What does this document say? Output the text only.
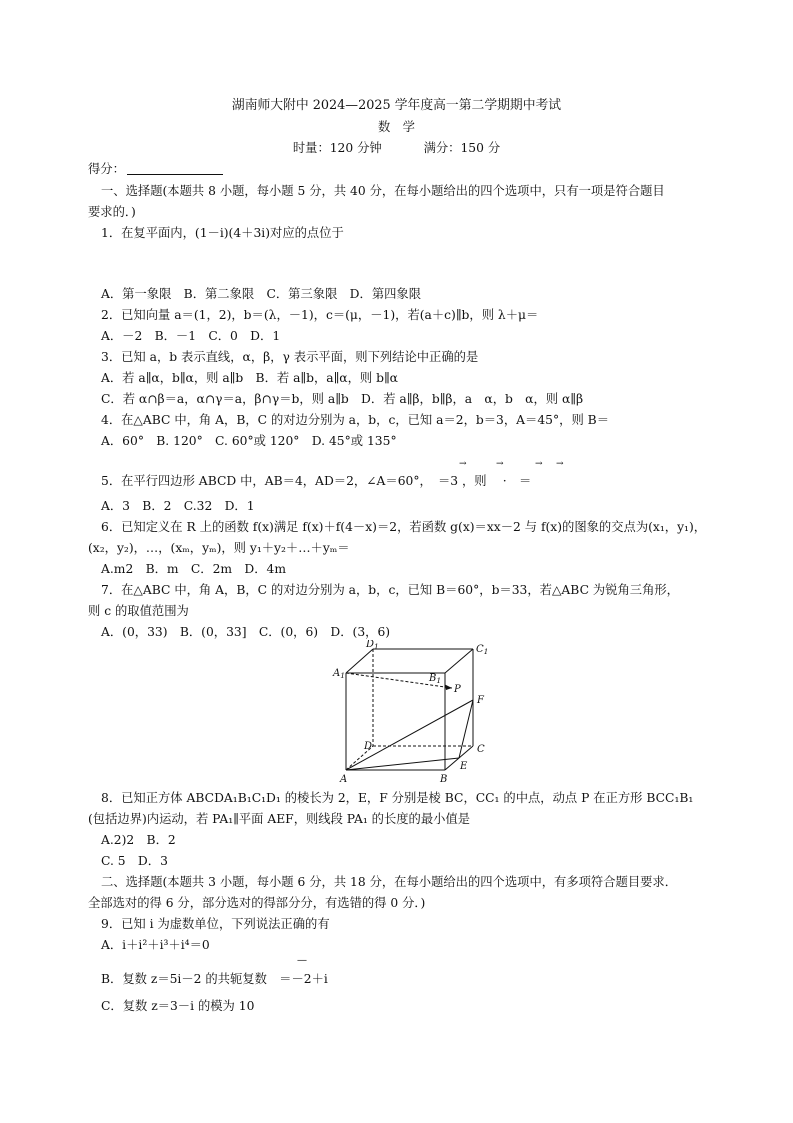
湖南师大附中 2024—2025 学年度高一第二学期期中考试
数　学
时量：120 分钟	满分：150 分
得分：
一、选择题(本题共 8 小题，每小题 5 分，共 40 分，在每小题给出的四个选项中，只有一项是符合题目
要求的．)
1．在复平面内，(1－i)(4＋3i)对应的点位于
A．第一象限　B．第二象限　C．第三象限　D．第四象限
2．已知向量 a＝(1，2)，b＝(λ，－1)，c＝(μ，－1)，若(a＋c)∥b，则 λ＋μ＝
A．－2　B．－1　C．0　D．1
3．已知 a，b 表示直线，α，β，γ 表示平面，则下列结论中正确的是
A．若 a∥α，b∥α，则 a∥b　B．若 a∥b，a∥α，则 b∥α
C．若 α∩β＝a，α∩γ＝a，β∩γ＝b，则 a∥b　D．若 a∥β，b∥β，a　α，b　α，则 α∥β
4．在△ABC 中，角 A，B，C 的对边分别为 a，b，c，已知 a＝2，b＝3，A＝45°，则 B＝
A．60°　B. 120°　C. 60°或 120°　D. 45°或 135°
→	→	→ →
5．在平行四边形 ABCD 中，AB＝4，AD＝2，∠A＝60°，　＝3 ，则 　·　＝
A．3　B．2　C.32　D．1
6．已知定义在 R 上的函数 f(x)满足 f(x)＋f(4－x)＝2，若函数 g(x)＝xx－2 与 f(x)的图象的交点为(x₁，y₁)，
(x₂，y₂)，…，(xₘ，yₘ)，则 y₁＋y₂＋…＋yₘ＝
A.m2　B．m　C．2m　D．4m
7．在△ABC 中，角 A，B，C 的对边分别为 a，b，c，已知 B＝60°，b＝33，若△ABC 为锐角三角形，
则 c 的取值范围为
A．(0，33)　B．(0，33]　C．(0，6)　D．(3，6)
$D_1$	$C_1$
$A_1$	$B_1$
P
F
D	C
A	B
E
8．已知正方体 ABCDA₁B₁C₁D₁ 的棱长为 2，E，F 分别是棱 BC，CC₁ 的中点，动点 P 在正方形 BCC₁B₁
(包括边界)内运动，若 PA₁∥平面 AEF，则线段 PA₁ 的长度的最小值是
A.2)2　B．2
C. 5　D．3
二、选择题(本题共 3 小题，每小题 6 分，共 18 分，在每小题给出的四个选项中，有多项符合题目要求．
全部选对的得 6 分，部分选对的得部分分，有选错的得 0 分．)
9．已知 i 为虚数单位，下列说法正确的有
A．i＋i²＋i³＋i⁴＝0
—
B．复数 z＝5i－2 的共轭复数　＝－2＋i
C．复数 z＝3－i 的模为 10
